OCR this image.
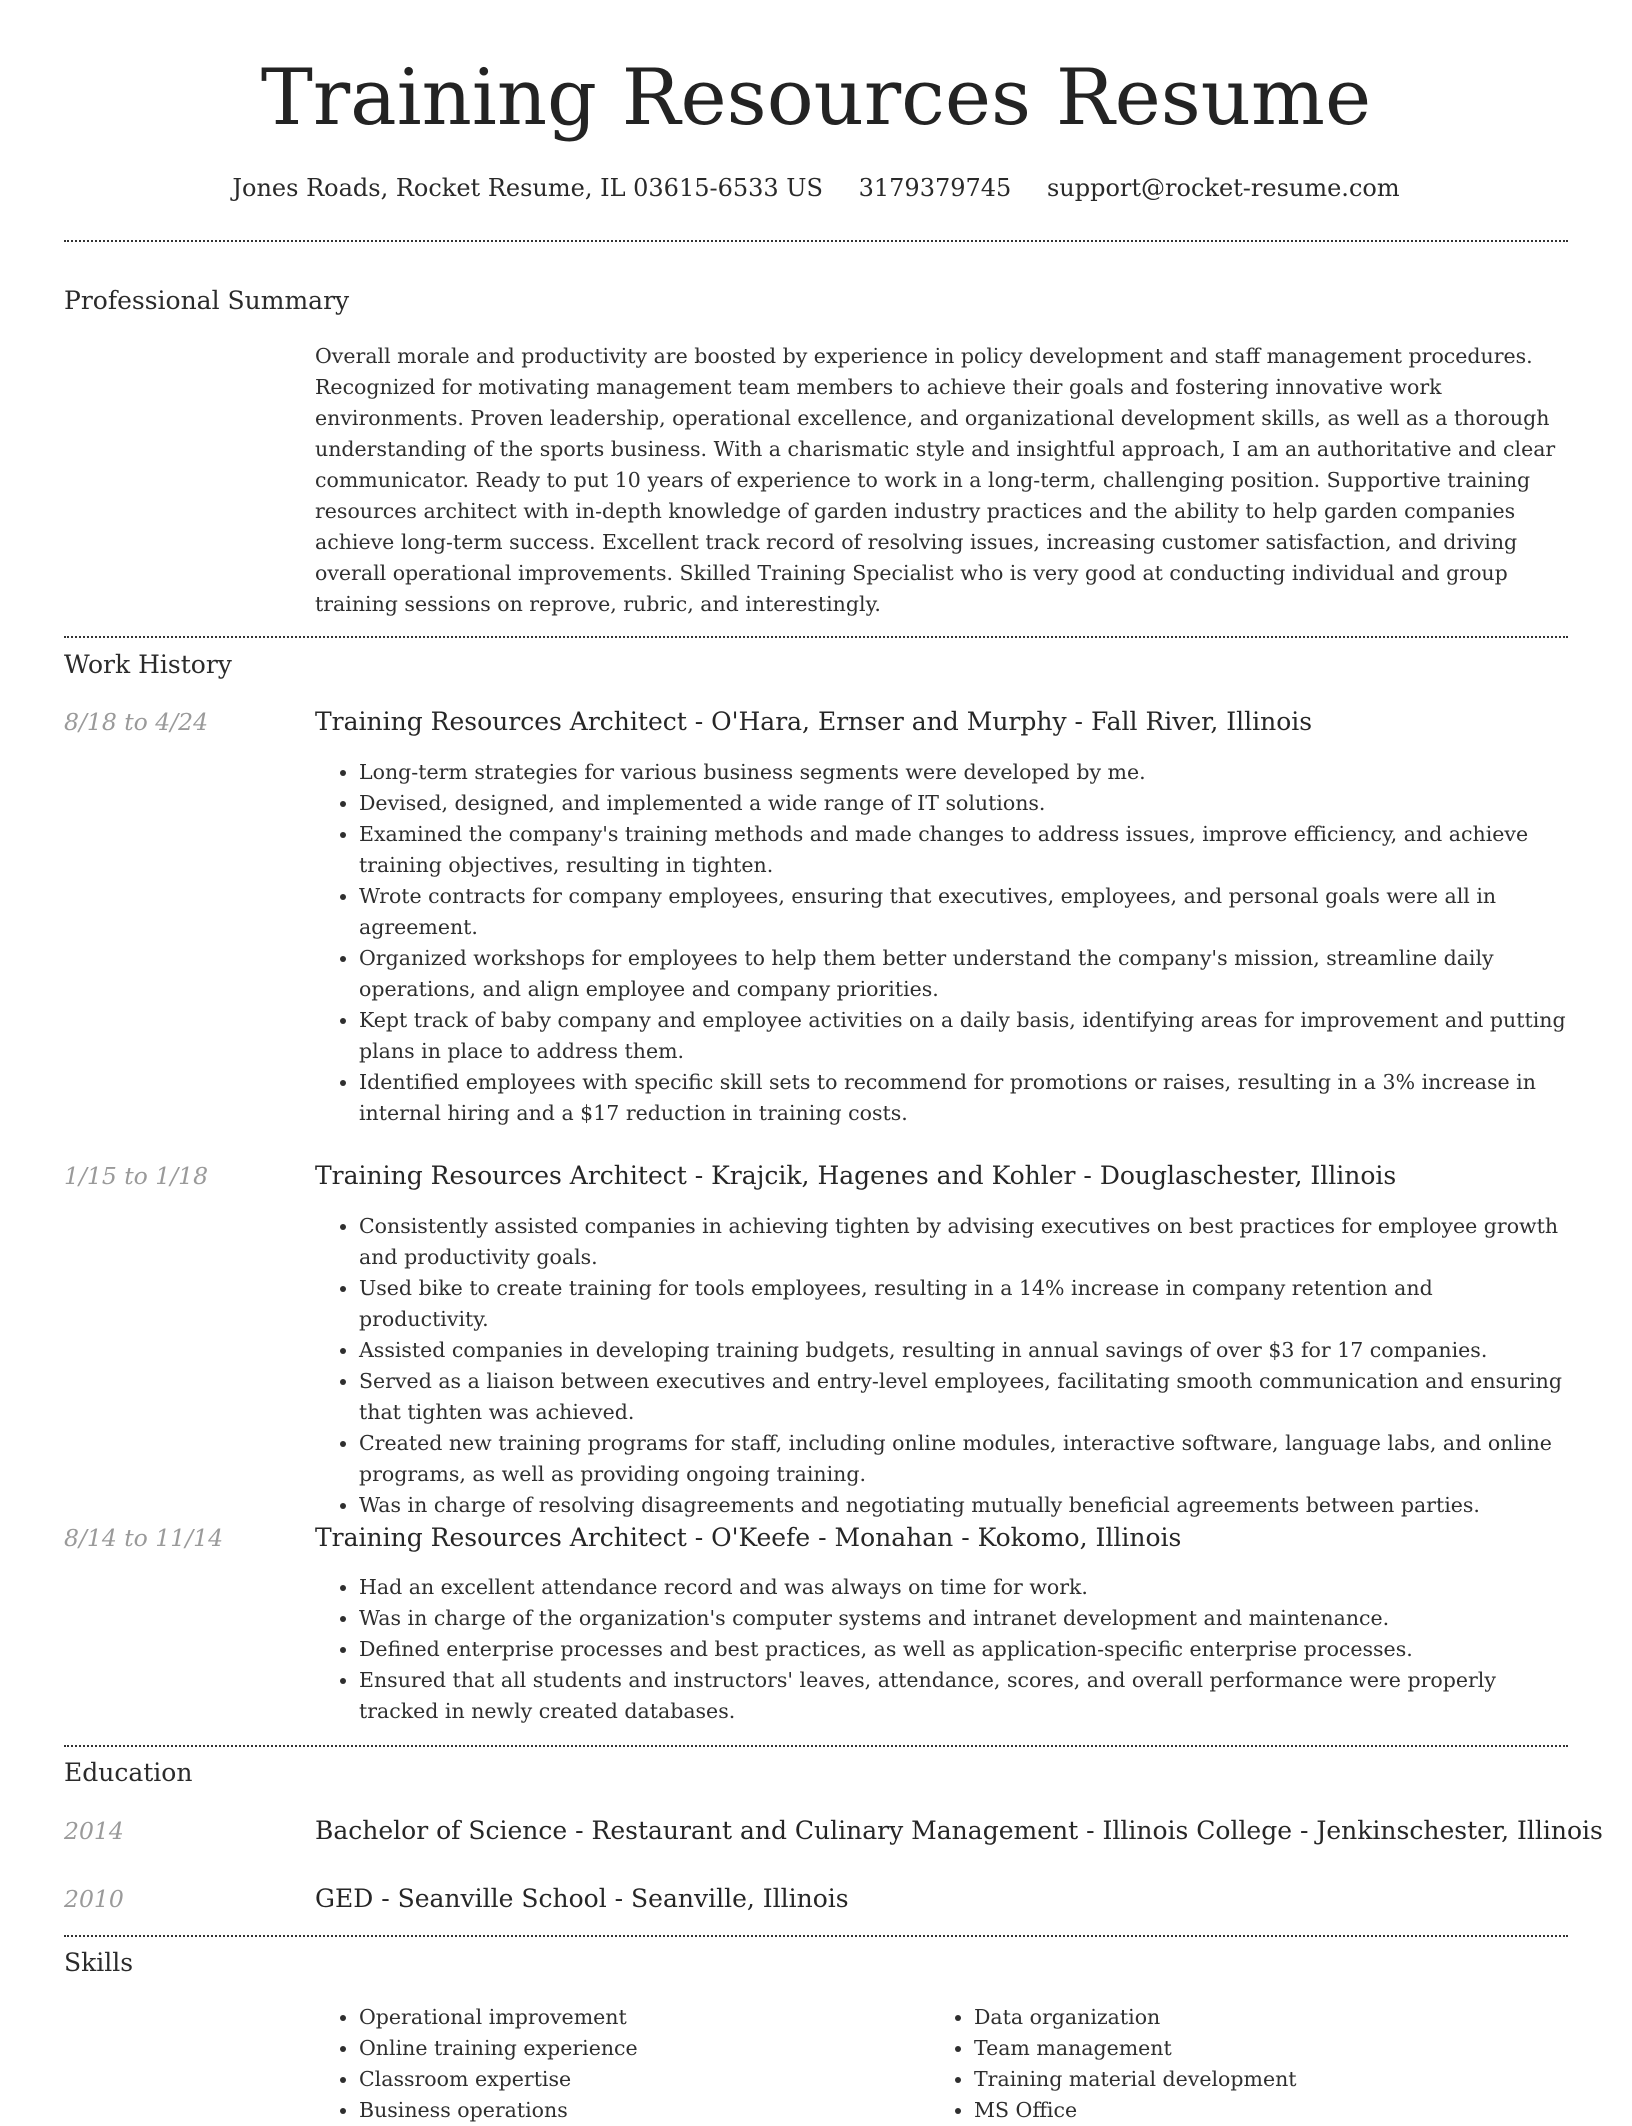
Training Resources Resume
Jones Roads, Rocket Resume, IL 03615-6533 US 3179379745 support@rocket-resume.com
Professional Summary

Overall morale and productivity are boosted by experience in policy development and staff management procedures. Recognized for motivating management team members to achieve their goals and fostering innovative work environments. Proven leadership, operational excellence, and organizational development skills, as well as a thorough understanding of the sports business. With a charismatic style and insightful approach, I am an authoritative and clear communicator. Ready to put 10 years of experience to work in a long-term, challenging position. Supportive training resources architect with in-depth knowledge of garden industry practices and the ability to help garden companies achieve long-term success. Excellent track record of resolving issues, increasing customer satisfaction, and driving overall operational improvements. Skilled Training Specialist who is very good at conducting individual and group training sessions on reprove, rubric, and interestingly.

Work History
8/18 to 4/24	Training Resources Architect - O'Hara, Ernser and Murphy - Fall River, Illinois
• Long-term strategies for various business segments were developed by me.
• Devised, designed, and implemented a wide range of IT solutions.
• Examined the company's training methods and made changes to address issues, improve efficiency, and achieve training objectives, resulting in tighten.
• Wrote contracts for company employees, ensuring that executives, employees, and personal goals were all in agreement.
• Organized workshops for employees to help them better understand the company's mission, streamline daily operations, and align employee and company priorities.
• Kept track of baby company and employee activities on a daily basis, identifying areas for improvement and putting plans in place to address them.
• Identified employees with specific skill sets to recommend for promotions or raises, resulting in a 3% increase in internal hiring and a $17 reduction in training costs.
1/15 to 1/18	Training Resources Architect - Krajcik, Hagenes and Kohler - Douglaschester, Illinois
• Consistently assisted companies in achieving tighten by advising executives on best practices for employee growth and productivity goals.
• Used bike to create training for tools employees, resulting in a 14% increase in company retention and productivity.
• Assisted companies in developing training budgets, resulting in annual savings of over $3 for 17 companies.
• Served as a liaison between executives and entry-level employees, facilitating smooth communication and ensuring that tighten was achieved.
• Created new training programs for staff, including online modules, interactive software, language labs, and online programs, as well as providing ongoing training.
• Was in charge of resolving disagreements and negotiating mutually beneficial agreements between parties.
8/14 to 11/14	Training Resources Architect - O'Keefe - Monahan - Kokomo, Illinois
• Had an excellent attendance record and was always on time for work.
• Was in charge of the organization's computer systems and intranet development and maintenance.
• Defined enterprise processes and best practices, as well as application-specific enterprise processes.
• Ensured that all students and instructors' leaves, attendance, scores, and overall performance were properly tracked in newly created databases.
Education
2014	Bachelor of Science - Restaurant and Culinary Management - Illinois College - Jenkinschester, Illinois
2010	GED - Seanville School - Seanville, Illinois
Skills
• Operational improvement
• Online training experience
• Classroom expertise
• Business operations
• Data organization
• Team management
• Training material development
• MS Office
